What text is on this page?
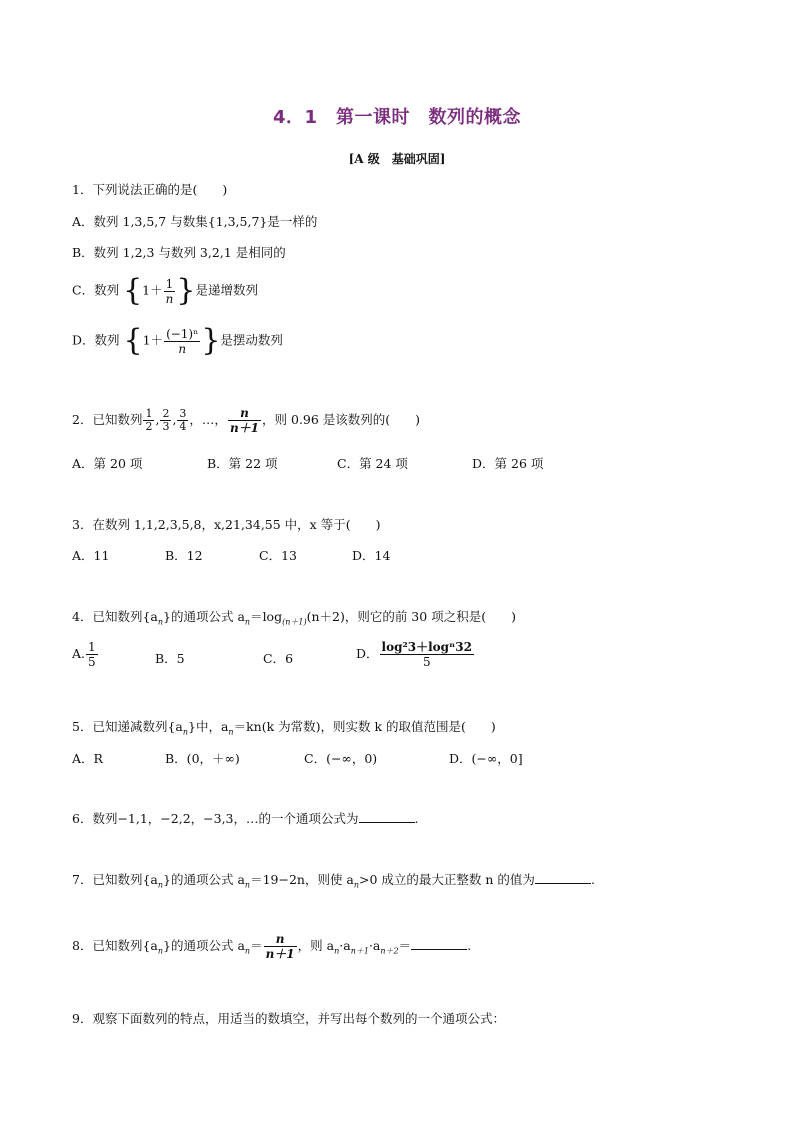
4．1　第一课时　数列的概念
[A 级　基础巩固]
1．下列说法正确的是(　　)
A．数列 1,3,5,7 与数集{1,3,5,7}是一样的
B．数列 1,2,3 与数列 3,2,1 是相同的
C．数列 {$1+ \frac{1}{n}$ }是递增数列
D．数列 {$1+ \frac{\text{(−1)ⁿ}}{n}$ }是摆动数列
2．已知数列 $\frac{1}{2}$ , $\frac{2}{3}$ , $\frac{3}{4}$ ，…， $\frac{n}{n+1}$ ，则 0.96 是该数列的(　　)
A．第 20 项	B．第 22 项	C．第 24 项	D．第 26 项
3．在数列 1,1,2,3,5,8，x,21,34,55 中，x 等于(　　)
A．11	B．12	C．13	D．14
4．已知数列$\{a_n\}$的通项公式 $a_n=\log_{(n+1)}(n+2)$，则它的前 30 项之积是(　　)
A. $\frac{1}{5}$	B．5	C．6	D． $\frac{\text{log²3＋logⁿ32}}{5}$
5．已知递减数列$\{a_n\}$中，$a_n=kn(k$ 为常数)，则实数 k 的取值范围是(　　)
A．R	B．(0，＋∞)	C．(−∞，0)	D．(−∞，0]
6．数列−1,1，−2,2，−3,3，…的一个通项公式为	.
7．已知数列$\{a_n\}$的通项公式 $a_n=19-2n$，则使 $a_n>0$ 成立的最大正整数 n 的值为	.
8．已知数列$\{a_n\}$的通项公式 $a_n= \frac{n}{n+1}$ ，则 $a_n\cdot a_{n+1}\cdot a_{n+2}=$	.
9．观察下面数列的特点，用适当的数填空，并写出每个数列的一个通项公式：
